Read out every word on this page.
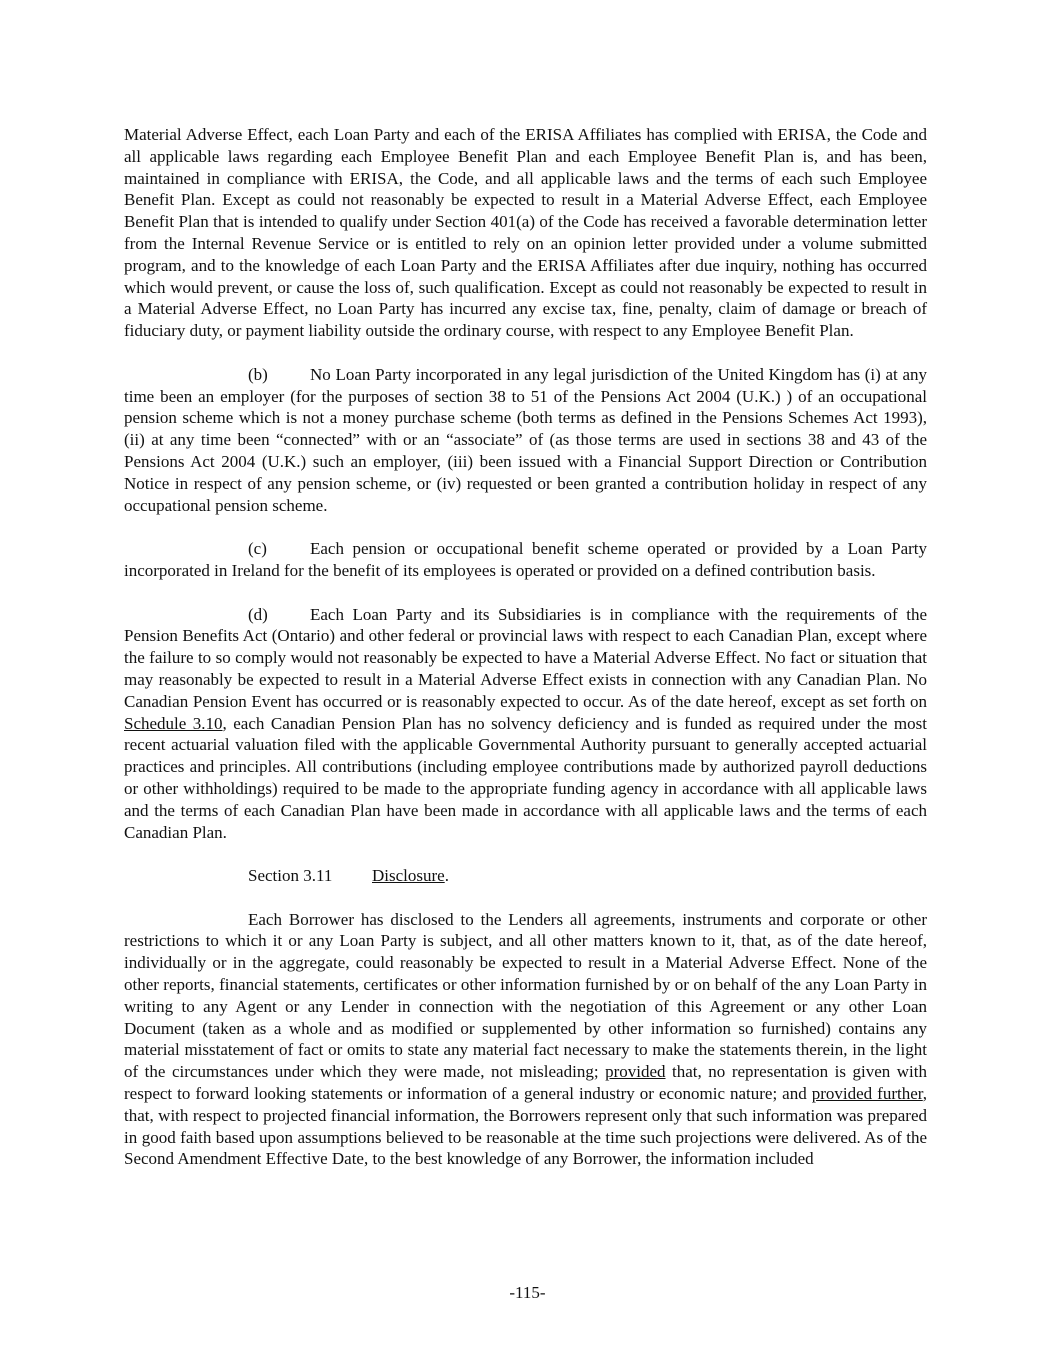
Material Adverse Effect, each Loan Party and each of the ERISA Affiliates has complied with ERISA, the Code and all applicable laws regarding each Employee Benefit Plan and each Employee Benefit Plan is, and has been, maintained in compliance with ERISA, the Code, and all applicable laws and the terms of each such Employee Benefit Plan. Except as could not reasonably be expected to result in a Material Adverse Effect, each Employee Benefit Plan that is intended to qualify under Section 401(a) of the Code has received a favorable determination letter from the Internal Revenue Service or is entitled to rely on an opinion letter provided under a volume submitted program, and to the knowledge of each Loan Party and the ERISA Affiliates after due inquiry, nothing has occurred which would prevent, or cause the loss of, such qualification. Except as could not reasonably be expected to result in a Material Adverse Effect, no Loan Party has incurred any excise tax, fine, penalty, claim of damage or breach of fiduciary duty, or payment liability outside the ordinary course, with respect to any Employee Benefit Plan.

(b) No Loan Party incorporated in any legal jurisdiction of the United Kingdom has (i) at any time been an employer (for the purposes of section 38 to 51 of the Pensions Act 2004 (U.K.) ) of an occupational pension scheme which is not a money purchase scheme (both terms as defined in the Pensions Schemes Act 1993), (ii) at any time been “connected” with or an “associate” of (as those terms are used in sections 38 and 43 of the Pensions Act 2004 (U.K.) such an employer, (iii) been issued with a Financial Support Direction or Contribution Notice in respect of any pension scheme, or (iv) requested or been granted a contribution holiday in respect of any occupational pension scheme.

(c)	Each pension or occupational benefit scheme operated or provided by a Loan Party incorporated in Ireland for the benefit of its employees is operated or provided on a defined contribution basis.

(d) Each Loan Party and its Subsidiaries is in compliance with the requirements of the Pension Benefits Act (Ontario) and other federal or provincial laws with respect to each Canadian Plan, except where the failure to so comply would not reasonably be expected to have a Material Adverse Effect. No fact or situation that may reasonably be expected to result in a Material Adverse Effect exists in connection with any Canadian Plan. No Canadian Pension Event has occurred or is reasonably expected to occur. As of the date hereof, except as set forth on Schedule 3.10, each Canadian Pension Plan has no solvency deficiency and is funded as required under the most recent actuarial valuation filed with the applicable Governmental Authority pursuant to generally accepted actuarial practices and principles. All contributions (including employee contributions made by authorized payroll deductions or other withholdings) required to be made to the appropriate funding agency in accordance with all applicable laws and the terms of each Canadian Plan have been made in accordance with all applicable laws and the terms of each Canadian Plan.

Section 3.11 Disclosure.

Each Borrower has disclosed to the Lenders all agreements, instruments and corporate or other restrictions to which it or any Loan Party is subject, and all other matters known to it, that, as of the date hereof, individually or in the aggregate, could reasonably be expected to result in a Material Adverse Effect. None of the other reports, financial statements, certificates or other information furnished by or on behalf of the any Loan Party in writing to any Agent or any Lender in connection with the negotiation of this Agreement or any other Loan Document (taken as a whole and as modified or supplemented by other information so furnished) contains any material misstatement of fact or omits to state any material fact necessary to make the statements therein, in the light of the circumstances under which they were made, not misleading; provided that, no representation is given with respect to forward looking statements or information of a general industry or economic nature; and provided further, that, with respect to projected financial information, the Borrowers represent only that such information was prepared in good faith based upon assumptions believed to be reasonable at the time such projections were delivered. As of the Second Amendment Effective Date, to the best knowledge of any Borrower, the information included

-115-
